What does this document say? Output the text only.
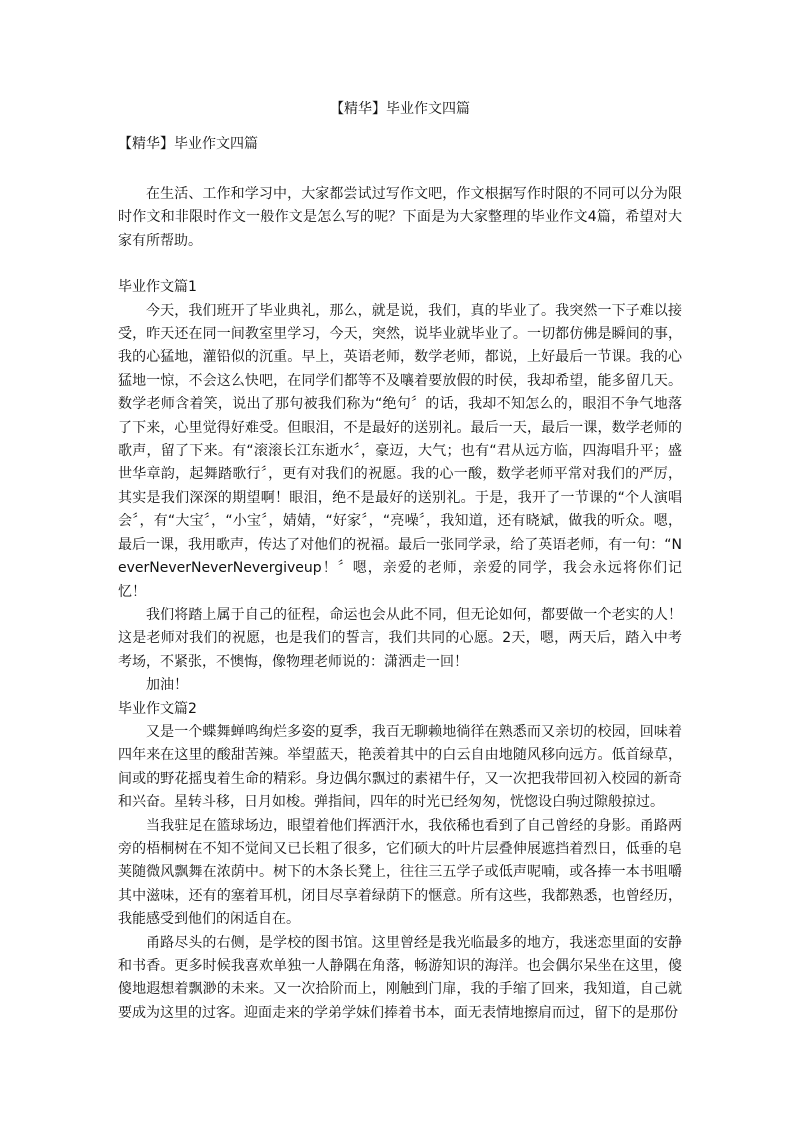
【精华】毕业作文四篇
【精华】毕业作文四篇

在生活、工作和学习中，大家都尝试过写作文吧，作文根据写作时限的不同可以分为限时作文和非限时作文一般作文是怎么写的呢？下面是为大家整理的毕业作文4篇，希望对大家有所帮助。

毕业作文篇1

今天，我们班开了毕业典礼，那么，就是说，我们，真的毕业了。我突然一下子难以接受，昨天还在同一间教室里学习，今天，突然，说毕业就毕业了。一切都仿佛是瞬间的事，我的心猛地，灌铅似的沉重。早上，英语老师，数学老师，都说，上好最后一节课。我的心猛地一惊，不会这么快吧，在同学们都等不及嚷着要放假的时侯，我却希望，能多留几天。数学老师含着笑，说出了那句被我们称为“绝句〞的话，我却不知怎么的，眼泪不争气地落了下来，心里觉得好难受。但眼泪，不是最好的送别礼。最后一天，最后一课，数学老师的歌声，留了下来。有“滚滚长江东逝水〞，豪迈，大气；也有“君从远方临，四海唱升平；盛世华章韵，起舞踏歌行〞，更有对我们的祝愿。我的心一酸，数学老师平常对我们的严厉，其实是我们深深的期望啊！眼泪，绝不是最好的送别礼。于是，我开了一节课的“个人演唱会〞，有“大宝〞，“小宝〞，婧婧，“好家〞，“亮噪〞，我知道，还有晓斌，做我的听众。嗯，最后一课，我用歌声，传达了对他们的祝福。最后一张同学录，给了英语老师，有一句：“NeverNeverNeverNevergiveup！〞嗯，亲爱的老师，亲爱的同学，我会永远将你们记忆！

我们将踏上属于自己的征程，命运也会从此不同，但无论如何，都要做一个老实的人！这是老师对我们的祝愿，也是我们的誓言，我们共同的心愿。2天，嗯，两天后，踏入中考考场，不紧张，不懊悔，像物理老师说的：潇洒走一回！

加油！

毕业作文篇2

又是一个蝶舞蝉鸣绚烂多姿的夏季，我百无聊赖地徜徉在熟悉而又亲切的校园，回味着四年来在这里的酸甜苦辣。举望蓝天，艳羡着其中的白云自由地随风移向远方。低首绿草，间或的野花摇曳着生命的精彩。身边偶尔飘过的素裙牛仔，又一次把我带回初入校园的新奇和兴奋。星转斗移，日月如梭。弹指间，四年的时光已经匆匆，恍惚设白驹过隙般掠过。

当我驻足在篮球场边，眼望着他们挥洒汗水，我依稀也看到了自己曾经的身影。甬路两旁的梧桐树在不知不觉间又已长粗了很多，它们硕大的叶片层叠伸展遮挡着烈日，低垂的皂荚随微风飘舞在浓荫中。树下的木条长凳上，往往三五学子或低声呢喃，或各捧一本书咀嚼其中滋味，还有的塞着耳机，闭目尽享着绿荫下的惬意。所有这些，我都熟悉，也曾经历，我能感受到他们的闲适自在。

甬路尽头的右侧，是学校的图书馆。这里曾经是我光临最多的地方，我迷恋里面的安静和书香。更多时候我喜欢单独一人静隅在角落，畅游知识的海洋。也会偶尔呆坐在这里，傻傻地遐想着飘渺的未来。又一次拾阶而上，刚触到门扉，我的手缩了回来，我知道，自己就要成为这里的过客。迎面走来的学弟学妹们捧着书本，面无表情地擦肩而过，留下的是那份
